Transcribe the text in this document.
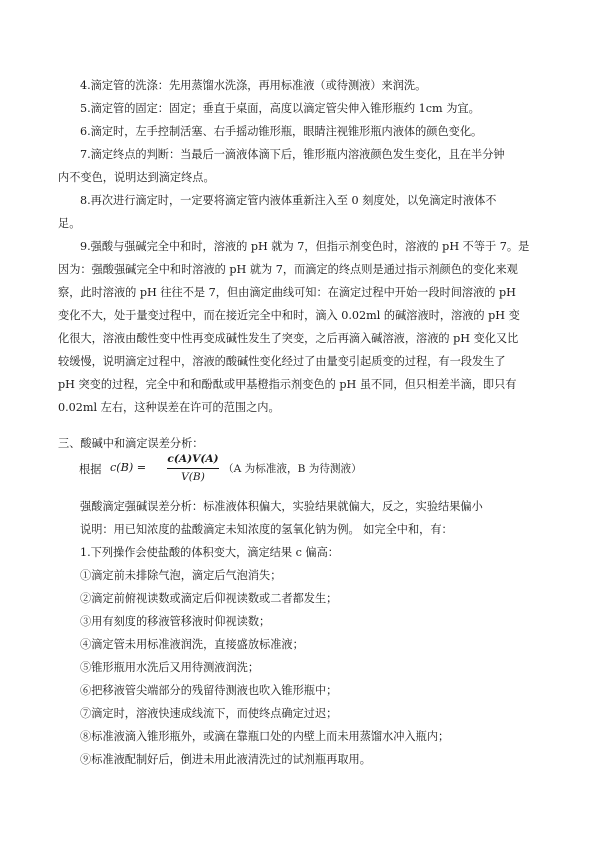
4.滴定管的洗涤：先用蒸馏水洗涤，再用标准液（或待测液）来润洗。
5.滴定管的固定：固定；垂直于桌面，高度以滴定管尖伸入锥形瓶约 1cm 为宜。
6.滴定时，左手控制活塞、右手摇动锥形瓶，眼睛注视锥形瓶内液体的颜色变化。
7.滴定终点的判断：当最后一滴液体滴下后，锥形瓶内溶液颜色发生变化，且在半分钟
内不变色，说明达到滴定终点。
8.再次进行滴定时，一定要将滴定管内液体重新注入至 0 刻度处，以免滴定时液体不
足。
9.强酸与强碱完全中和时，溶液的 pH 就为 7，但指示剂变色时，溶液的 pH 不等于 7。是
因为：强酸强碱完全中和时溶液的 pH 就为 7，而滴定的终点则是通过指示剂颜色的变化来观
察，此时溶液的 pH 往往不是 7，但由滴定曲线可知：在滴定过程中开始一段时间溶液的 pH
变化不大，处于量变过程中，而在接近完全中和时，滴入 0.02ml 的碱溶液时，溶液的 pH 变
化很大，溶液由酸性变中性再变成碱性发生了突变，之后再滴入碱溶液，溶液的 pH 变化又比
较缓慢，说明滴定过程中，溶液的酸碱性变化经过了由量变引起质变的过程，有一段发生了
pH 突变的过程，完全中和和酚酞或甲基橙指示剂变色的 pH 虽不同，但只相差半滴，即只有
0.02ml 左右，这种误差在许可的范围之内。
三、酸碱中和滴定误差分析：
根据 c(B) =
c(A)V(A)
V(B)
（A 为标准液，B 为待测液）
强酸滴定强碱误差分析：标准液体积偏大，实验结果就偏大，反之，实验结果偏小
说明：用已知浓度的盐酸滴定未知浓度的氢氧化钠为例。 如完全中和，有：
1.下列操作会使盐酸的体积变大，滴定结果 c 偏高：
①滴定前未排除气泡，滴定后气泡消失；
②滴定前俯视读数或滴定后仰视读数或二者都发生；
③用有刻度的移液管移液时仰视读数；
④滴定管未用标准液润洗，直接盛放标准液；
⑤锥形瓶用水洗后又用待测液润洗；
⑥把移液管尖端部分的残留待测液也吹入锥形瓶中；
⑦滴定时，溶液快速成线流下，而使终点确定过迟；
⑧标准液滴入锥形瓶外，或滴在靠瓶口处的内壁上而未用蒸馏水冲入瓶内；
⑨标准液配制好后，倒进未用此液清洗过的试剂瓶再取用。
